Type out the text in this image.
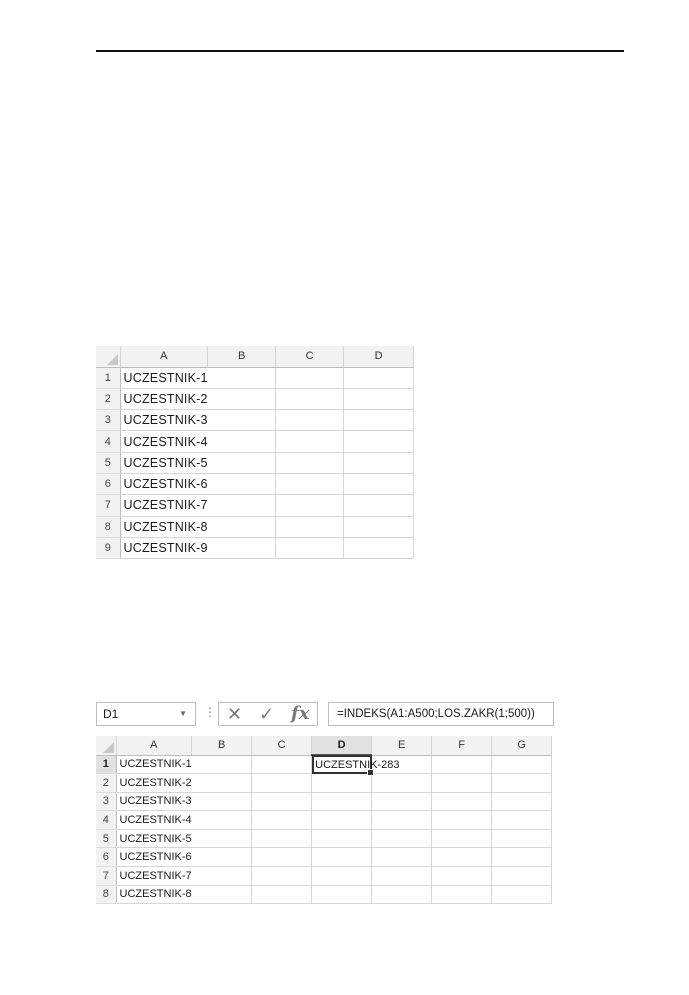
	A	B	C	D
1	UCZESTNIK-1			
2	UCZESTNIK-2			
3	UCZESTNIK-3			
4	UCZESTNIK-4			
5	UCZESTNIK-5			
6	UCZESTNIK-6			
7	UCZESTNIK-7			
8	UCZESTNIK-8			
9	UCZESTNIK-9			
D1	▼ ⋮ ✕ ✓ fx	=INDEKS(A1:A500;LOS.ZAKR(1;500))
	A	B	C	D	E	F	G
1	UCZESTNIK-1			UCZESTNIK-283			

2	UCZESTNIK-2						
3	UCZESTNIK-3						
4	UCZESTNIK-4						
5	UCZESTNIK-5						
6	UCZESTNIK-6						
7	UCZESTNIK-7						
8	UCZESTNIK-8						
